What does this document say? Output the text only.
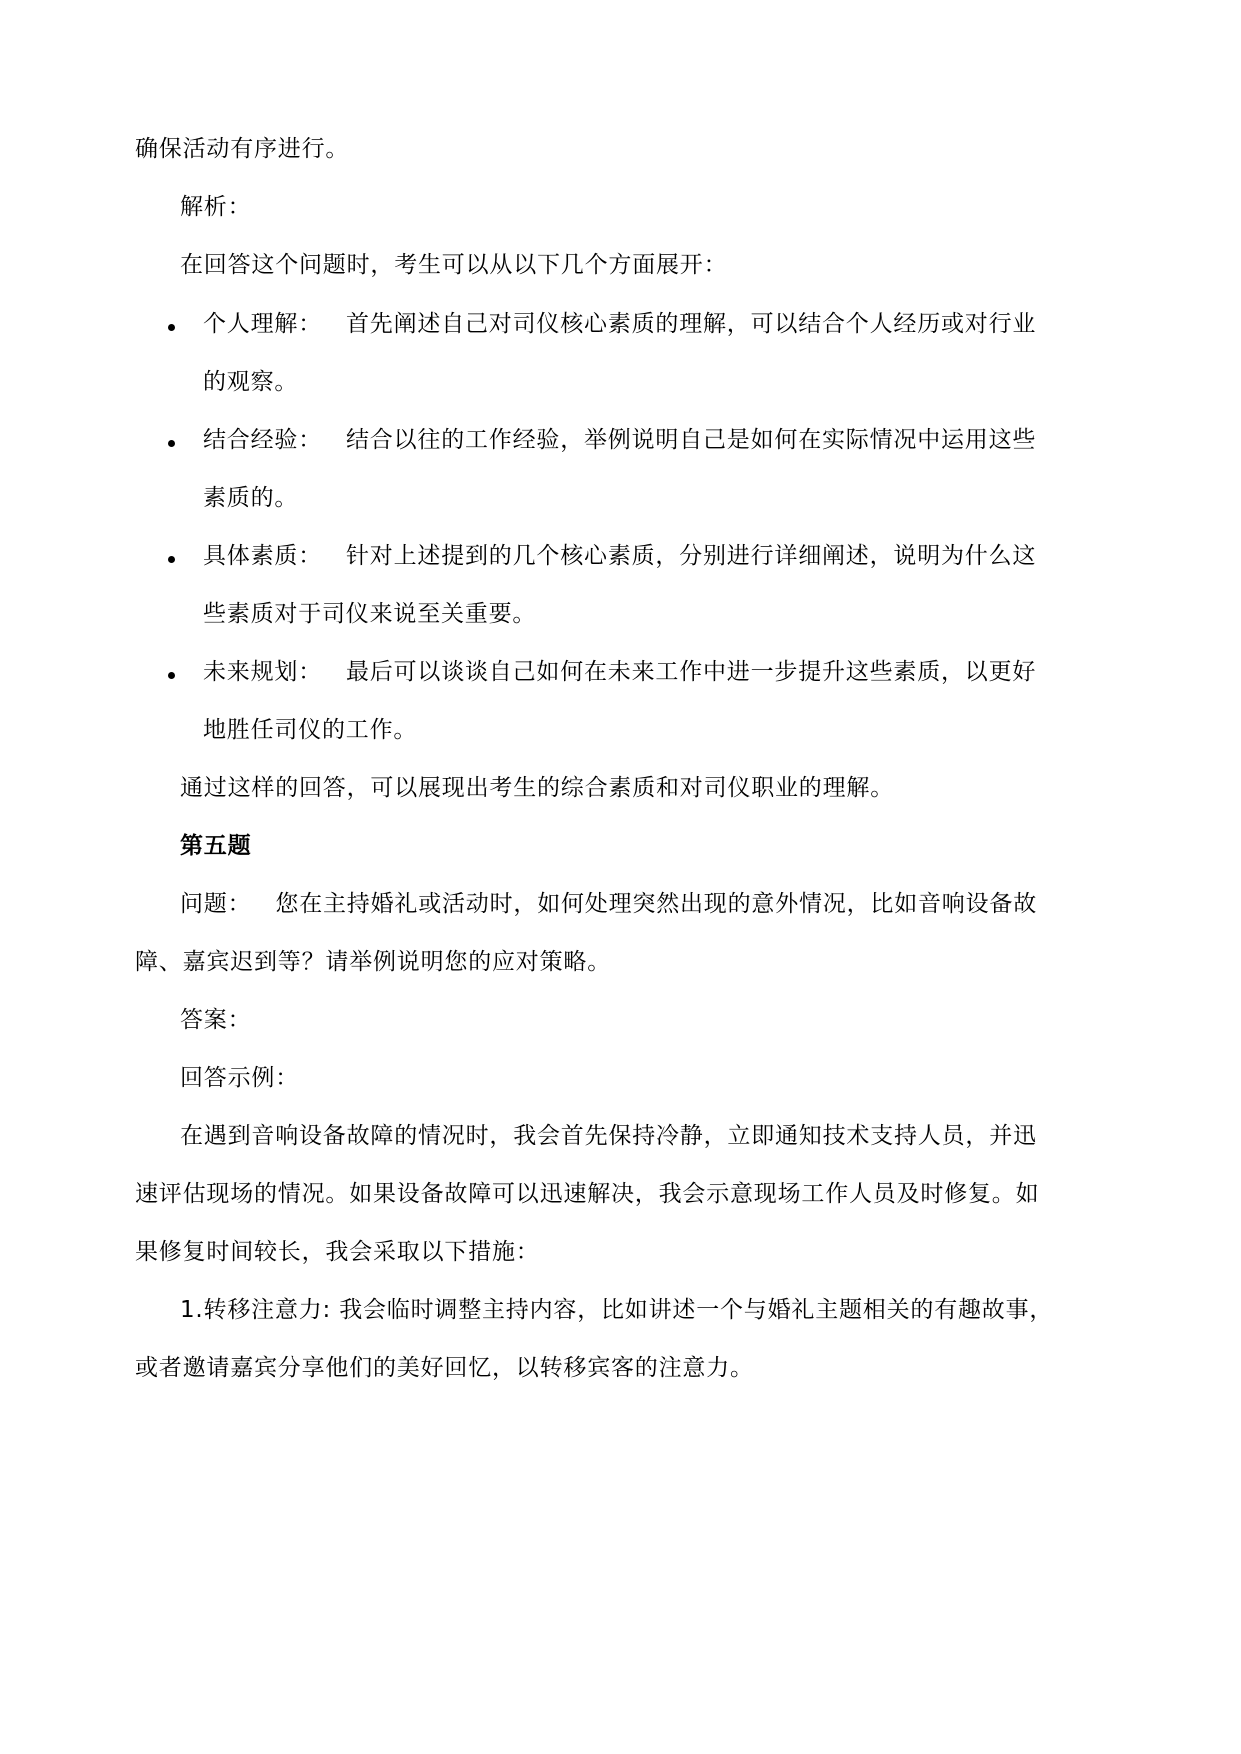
确保活动有序进行。
解析：
在回答这个问题时，考生可以从以下几个方面展开：
个人理解： 首先阐述自己对司仪核心素质的理解，可以结合个人经历或对行业
的观察。
结合经验： 结合以往的工作经验，举例说明自己是如何在实际情况中运用这些
素质的。
具体素质： 针对上述提到的几个核心素质，分别进行详细阐述，说明为什么这
些素质对于司仪来说至关重要。
未来规划： 最后可以谈谈自己如何在未来工作中进一步提升这些素质，以更好
地胜任司仪的工作。
通过这样的回答，可以展现出考生的综合素质和对司仪职业的理解。
第五题
问题： 您在主持婚礼或活动时，如何处理突然出现的意外情况，比如音响设备故
障、嘉宾迟到等？请举例说明您的应对策略。
答案：
回答示例：
在遇到音响设备故障的情况时，我会首先保持冷静，立即通知技术支持人员，并迅
速评估现场的情况。如果设备故障可以迅速解决，我会示意现场工作人员及时修复。如
果修复时间较长，我会采取以下措施：
1.转移注意力: 我会临时调整主持内容，比如讲述一个与婚礼主题相关的有趣故事，
或者邀请嘉宾分享他们的美好回忆，以转移宾客的注意力。
